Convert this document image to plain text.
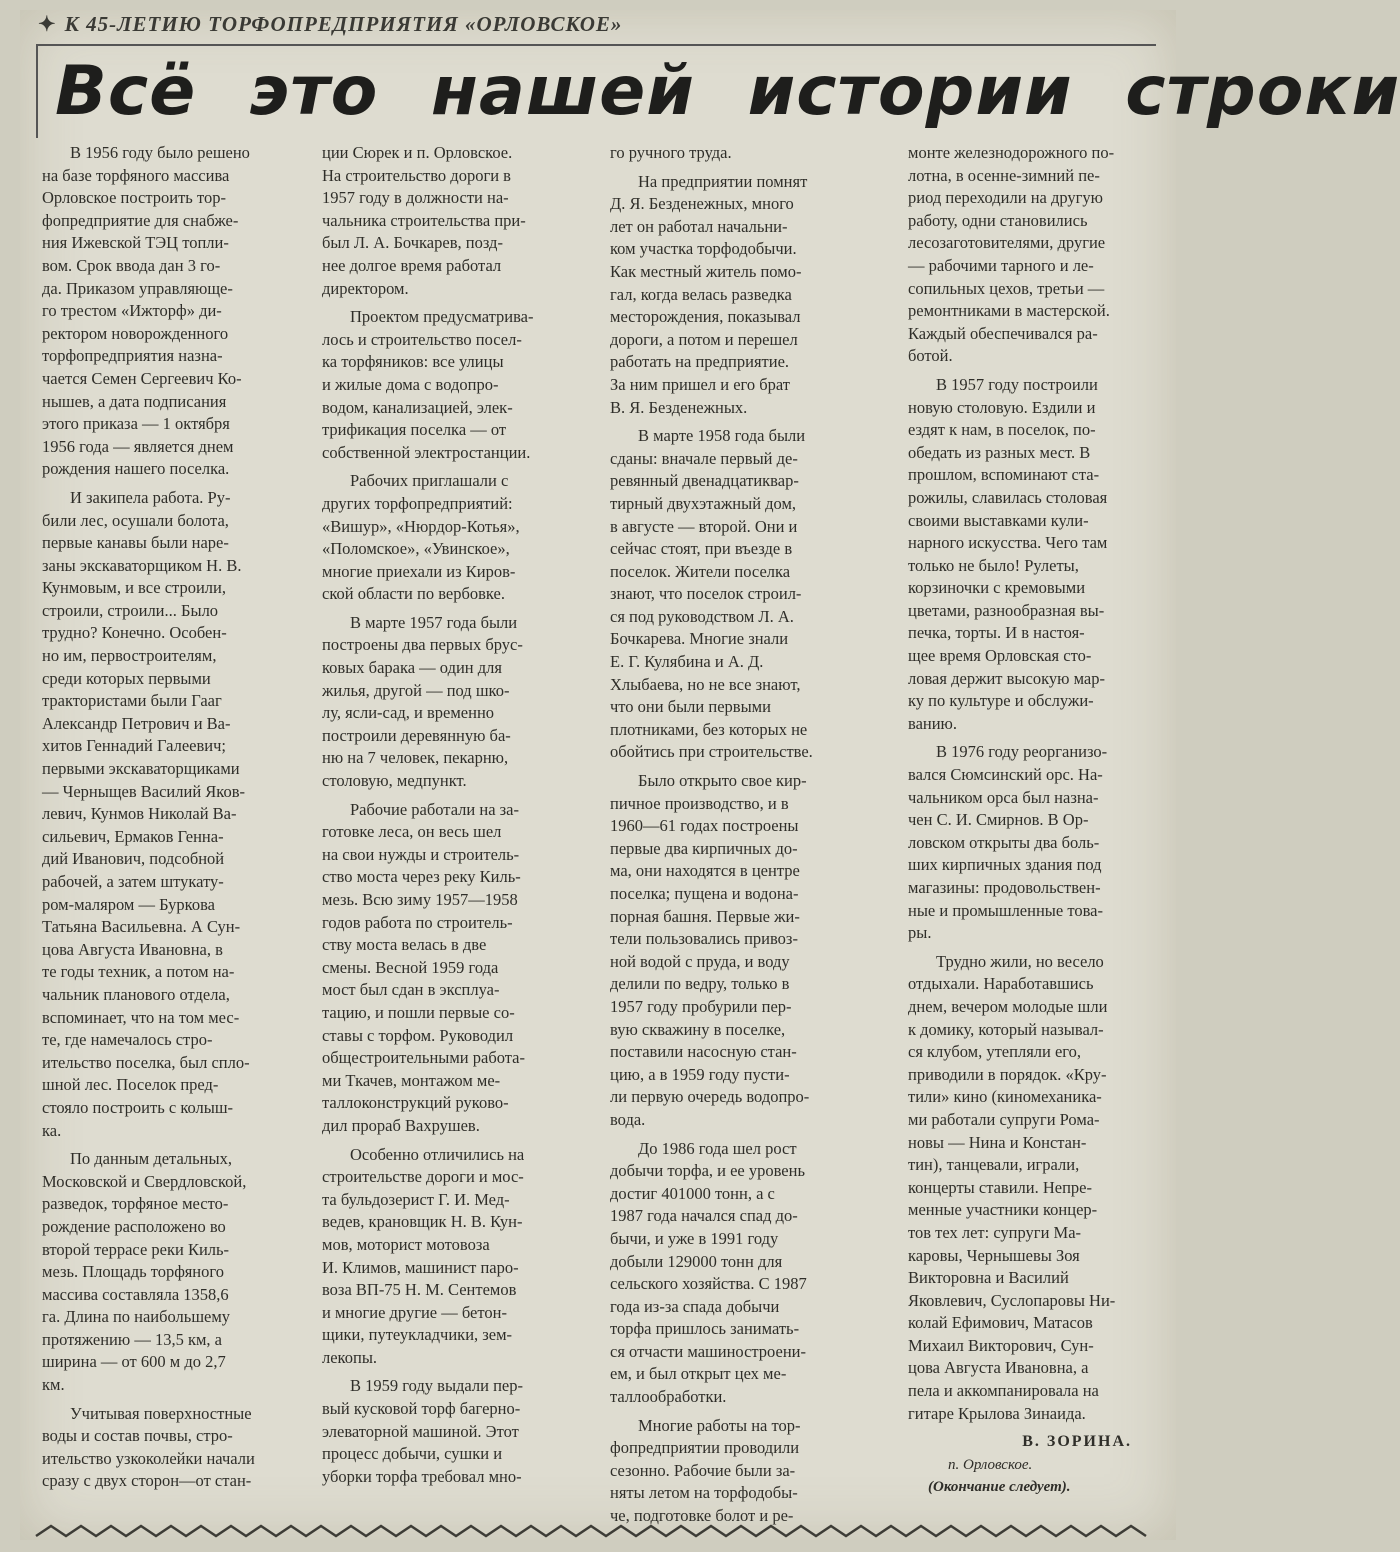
✦ К 45-ЛЕТИЮ ТОРФОПРЕДПРИЯТИЯ «ОРЛОВСКОЕ»
Всё это нашей истории строки

В 1956 году было решено
на базе торфяного массива
Орловское построить тор-
фопредприятие для снабже-
ния Ижевской ТЭЦ топли-
вом. Срок ввода дан 3 го-
да. Приказом управляюще-
го трестом «Ижторф» ди-
ректором новорожденного
торфопредприятия назна-
чается Семен Сергеевич Ко-
нышев, а дата подписания
этого приказа — 1 октября
1956 года — является днем
рождения нашего поселка.

И закипела работа. Ру-
били лес, осушали болота,
первые канавы были наре-
заны экскаваторщиком Н. В.
Кунмовым, и все строили,
строили, строили... Было
трудно? Конечно. Особен-
но им, первостроителям,
среди которых первыми
трактористами были Гааг
Александр Петрович и Ва-
хитов Геннадий Галеевич;
первыми экскаваторщиками
— Черныщев Василий Яков-
левич, Кунмов Николай Ва-
сильевич, Ермаков Генна-
дий Иванович, подсобной
рабочей, а затем штукату-
ром-маляром — Буркова
Татьяна Васильевна. А Сун-
цова Августа Ивановна, в
те годы техник, а потом на-
чальник планового отдела,
вспоминает, что на том мес-
те, где намечалось стро-
ительство поселка, был спло-
шной лес. Поселок пред-
стояло построить с колыш-
ка.

По данным детальных,
Московской и Свердловской,
разведок, торфяное место-
рождение расположено во
второй террасе реки Киль-
мезь. Площадь торфяного
массива составляла 1358,6
га. Длина по наибольшему
протяжению — 13,5 км, а
ширина — от 600 м до 2,7
км.

Учитывая поверхностные
воды и состав почвы, стро-
ительство узкоколейки начали
сразу с двух сторон—от стан-

ции Сюрек и п. Орловское.
На строительство дороги в
1957 году в должности на-
чальника строительства при-
был Л. А. Бочкарев, позд-
нее долгое время работал
директором.

Проектом предусматрива-
лось и строительство посел-
ка торфяников: все улицы
и жилые дома с водопро-
водом, канализацией, элек-
трификация поселка — от
собственной электростанции.

Рабочих приглашали с
других торфопредприятий:
«Вишур», «Нюрдор-Котья»,
«Поломское», «Увинское»,
многие приехали из Киров-
ской области по вербовке.

В марте 1957 года были
построены два первых брус-
ковых барака — один для
жилья, другой — под шко-
лу, ясли-сад, и временно
построили деревянную ба-
ню на 7 человек, пекарню,
столовую, медпункт.

Рабочие работали на за-
готовке леса, он весь шел
на свои нужды и строитель-
ство моста через реку Киль-
мезь. Всю зиму 1957—1958
годов работа по строитель-
ству моста велась в две
смены. Весной 1959 года
мост был сдан в эксплуа-
тацию, и пошли первые со-
ставы с торфом. Руководил
общестроительными работа-
ми Ткачев, монтажом ме-
таллоконструкций руково-
дил прораб Вахрушев.

Особенно отличились на
строительстве дороги и мос-
та бульдозерист Г. И. Мед-
ведев, крановщик Н. В. Кун-
мов, моторист мотовоза
И. Климов, машинист паро-
воза ВП-75 Н. М. Сентемов
и многие другие — бетон-
щики, путеукладчики, зем-
лекопы.

В 1959 году выдали пер-
вый кусковой торф багерно-
элеваторной машиной. Этот
процесс добычи, сушки и
уборки торфа требовал мно-

го ручного труда.

На предприятии помнят
Д. Я. Безденежных, много
лет он работал начальни-
ком участка торфодобычи.
Как местный житель помо-
гал, когда велась разведка
месторождения, показывал
дороги, а потом и перешел
работать на предприятие.
За ним пришел и его брат
В. Я. Безденежных.

В марте 1958 года были
сданы: вначале первый де-
ревянный двенадцатиквар-
тирный двухэтажный дом,
в августе — второй. Они и
сейчас стоят, при въезде в
поселок. Жители поселка
знают, что поселок строил-
ся под руководством Л. А.
Бочкарева. Многие знали
Е. Г. Кулябина и А. Д.
Хлыбаева, но не все знают,
что они были первыми
плотниками, без которых не
обойтись при строительстве.

Было открыто свое кир-
пичное производство, и в
1960—61 годах построены
первые два кирпичных до-
ма, они находятся в центре
поселка; пущена и водона-
порная башня. Первые жи-
тели пользовались привоз-
ной водой с пруда, и воду
делили по ведру, только в
1957 году пробурили пер-
вую скважину в поселке,
поставили насосную стан-
цию, а в 1959 году пусти-
ли первую очередь водопро-
вода.

До 1986 года шел рост
добычи торфа, и ее уровень
достиг 401000 тонн, а с
1987 года начался спад до-
бычи, и уже в 1991 году
добыли 129000 тонн для
сельского хозяйства. С 1987
года из-за спада добычи
торфа пришлось занимать-
ся отчасти машиностроени-
ем, и был открыт цех ме-
таллообработки.

Многие работы на тор-
фопредприятии проводили
сезонно. Рабочие были за-
няты летом на торфодобы-
че, подготовке болот и ре-

монте железнодорожного по-
лотна, в осенне-зимний пе-
риод переходили на другую
работу, одни становились
лесозаготовителями, другие
— рабочими тарного и ле-
сопильных цехов, третьи —
ремонтниками в мастерской.
Каждый обеспечивался ра-
ботой.

В 1957 году построили
новую столовую. Ездили и
ездят к нам, в поселок, по-
обедать из разных мест. В
прошлом, вспоминают ста-
рожилы, славилась столовая
своими выставками кули-
нарного искусства. Чего там
только не было! Рулеты,
корзиночки с кремовыми
цветами, разнообразная вы-
печка, торты. И в настоя-
щее время Орловская сто-
ловая держит высокую мар-
ку по культуре и обслужи-
ванию.

В 1976 году реорганизо-
вался Сюмсинский орс. На-
чальником орса был назна-
чен С. И. Смирнов. В Ор-
ловском открыты два боль-
ших кирпичных здания под
магазины: продовольствен-
ные и промышленные това-
ры.

Трудно жили, но весело
отдыхали. Наработавшись
днем, вечером молодые шли
к домику, который называл-
ся клубом, утепляли его,
приводили в порядок. «Кру-
тили» кино (киномеханика-
ми работали супруги Рома-
новы — Нина и Констан-
тин), танцевали, играли,
концерты ставили. Непре-
менные участники концер-
тов тех лет: супруги Ма-
каровы, Чернышевы Зоя
Викторовна и Василий
Яковлевич, Суслопаровы Ни-
колай Ефимович, Матасов
Михаил Викторович, Сун-
цова Августа Ивановна, а
пела и аккомпанировала на
гитаре Крылова Зинаида.

В. ЗОРИНА.
п. Орловское.
(Окончание следует).
